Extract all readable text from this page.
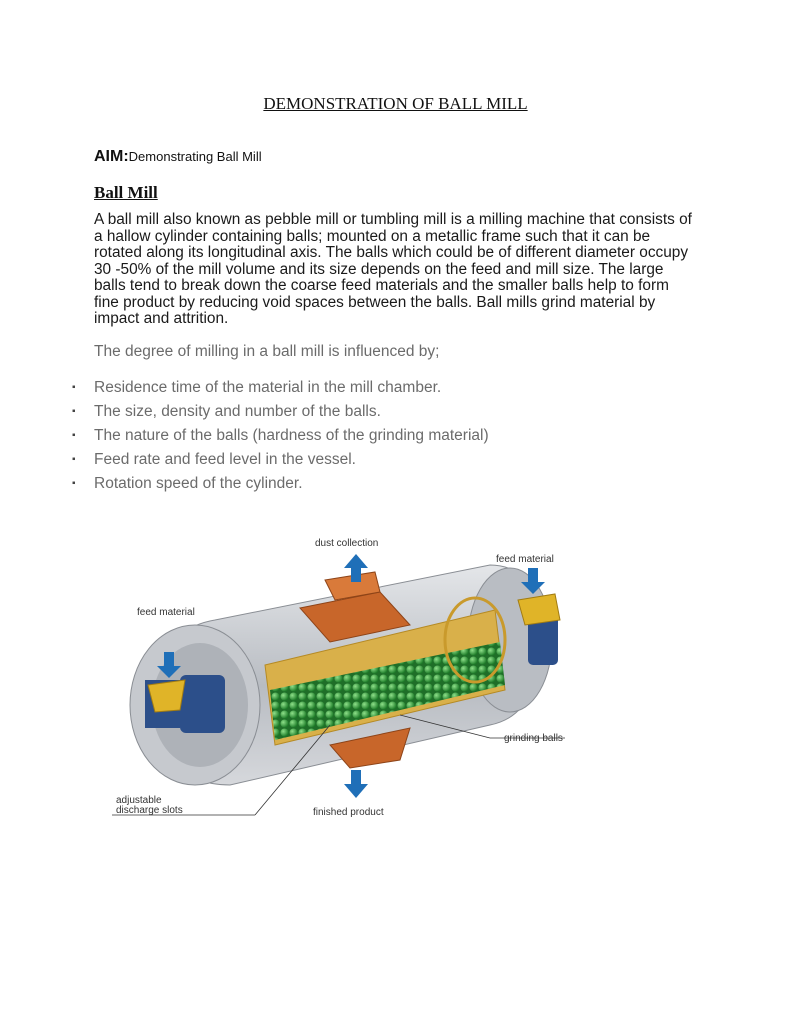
DEMONSTRATION OF BALL MILL
AIM:Demonstrating Ball Mill
Ball Mill

A ball mill also known as pebble mill or tumbling mill is a milling machine that consists of a hallow cylinder containing balls; mounted on a metallic frame such that it can be rotated along its longitudinal axis. The balls which could be of different diameter occupy 30 -50% of the mill volume and its size depends on the feed and mill size. The large balls tend to break down the coarse feed materials and the smaller balls help to form fine product by reducing void spaces between the balls. Ball mills grind material by impact and attrition.

The degree of milling in a ball mill is influenced by;

▪ Residence time of the material in the mill chamber.
▪ The size, density and number of the balls.
▪ The nature of the balls (hardness of the grinding material)
▪ Feed rate and feed level in the vessel.
▪ Rotation speed of the cylinder.
dust collection
feed material
feed material
grinding balls
adjustable
discharge slots	finished product
